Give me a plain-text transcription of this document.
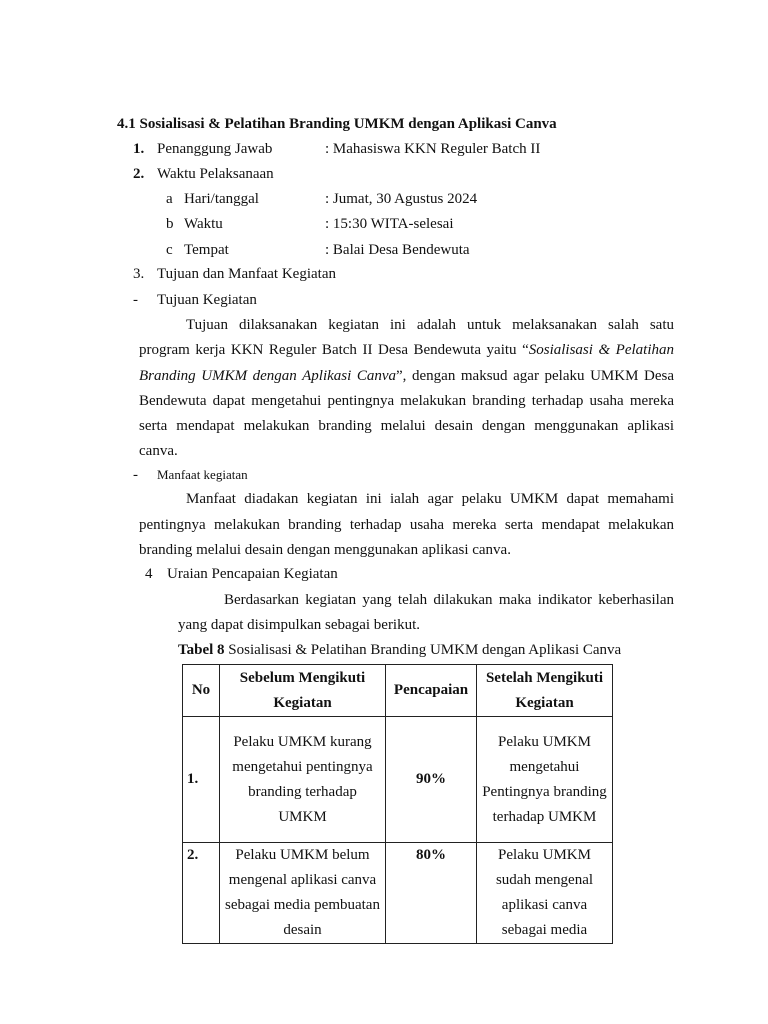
4.1 Sosialisasi & Pelatihan Branding UMKM dengan Aplikasi Canva
1. Penanggung Jawab	: Mahasiswa KKN Reguler Batch II
2. Waktu Pelaksanaan
a Hari/tanggal	: Jumat, 30 Agustus 2024
b Waktu	: 15:30 WITA-selesai
c Tempat	: Balai Desa Bendewuta
3. Tujuan dan Manfaat Kegiatan
- Tujuan Kegiatan
Tujuan dilaksanakan kegiatan ini adalah untuk melaksanakan salah satu
program kerja KKN Reguler Batch II Desa Bendewuta yaitu “Sosialisasi & Pelatihan
Branding UMKM dengan Aplikasi Canva”, dengan maksud agar pelaku UMKM Desa
Bendewuta dapat mengetahui pentingnya melakukan branding terhadap usaha mereka
serta mendapat melakukan branding melalui desain dengan menggunakan aplikasi
canva.
- Manfaat kegiatan
Manfaat diadakan kegiatan ini ialah agar pelaku UMKM dapat memahami
pentingnya melakukan branding terhadap usaha mereka serta mendapat melakukan
branding melalui desain dengan menggunakan aplikasi canva.
4 Uraian Pencapaian Kegiatan
Berdasarkan kegiatan yang telah dilakukan maka indikator keberhasilan
yang dapat disimpulkan sebagai berikut.
Tabel 8 Sosialisasi & Pelatihan Branding UMKM dengan Aplikasi Canva
No	Sebelum Mengikuti Kegiatan	Pencapaian	Setelah Mengikuti Kegiatan
1.	Pelaku UMKM kurang mengetahui pentingnya branding terhadap UMKM	90%	Pelaku UMKM mengetahui Pentingnya branding terhadap UMKM
2.	Pelaku UMKM belum mengenal aplikasi canva sebagai media pembuatan desain	80%	Pelaku UMKM sudah mengenal aplikasi canva sebagai media
